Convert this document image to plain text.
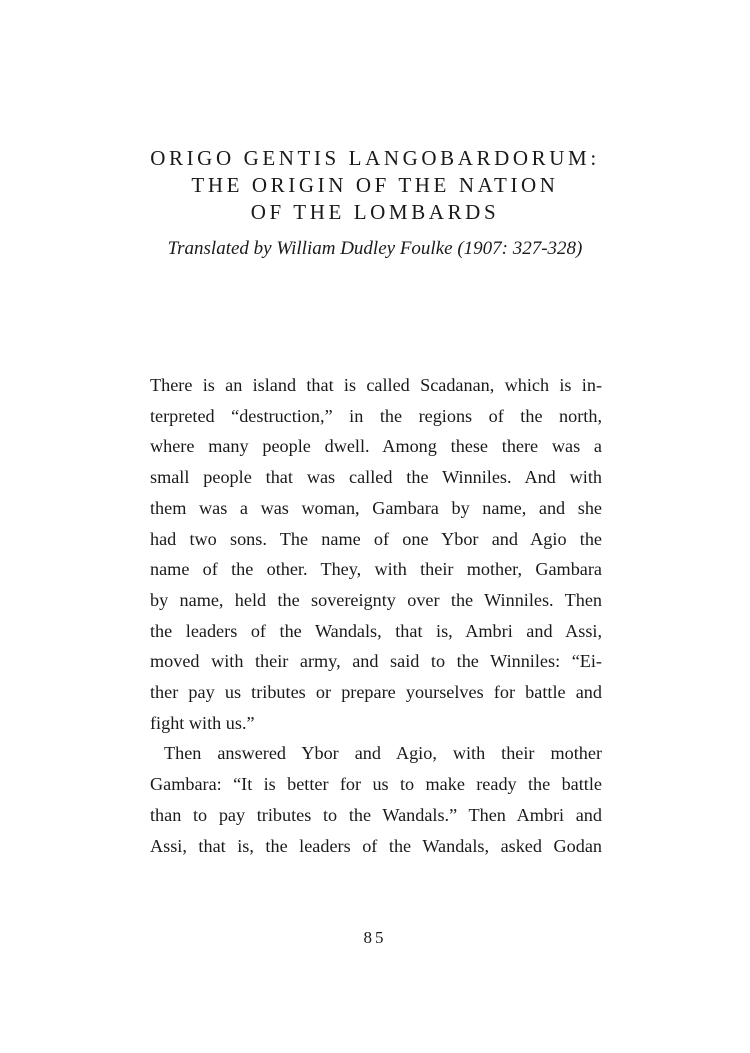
ORIGO GENTIS LANGOBARDORUM:

THE ORIGIN OF THE NATION

OF THE LOMBARDS

Translated by William Dudley Foulke (1907: 327-328)
There is an island that is called Scadanan, which is in-
terpreted “destruction,” in the regions of the north,
where many people dwell. Among these there was a
small people that was called the Winniles. And with
them was a was woman, Gambara by name, and she
had two sons. The name of one Ybor and Agio the
name of the other. They, with their mother, Gambara
by name, held the sovereignty over the Winniles. Then
the leaders of the Wandals, that is, Ambri and Assi,
moved with their army, and said to the Winniles: “Ei-
ther pay us tributes or prepare yourselves for battle and
fight with us.”
Then answered Ybor and Agio, with their mother
Gambara: “It is better for us to make ready the battle
than to pay tributes to the Wandals.” Then Ambri and
Assi, that is, the leaders of the Wandals, asked Godan
85
